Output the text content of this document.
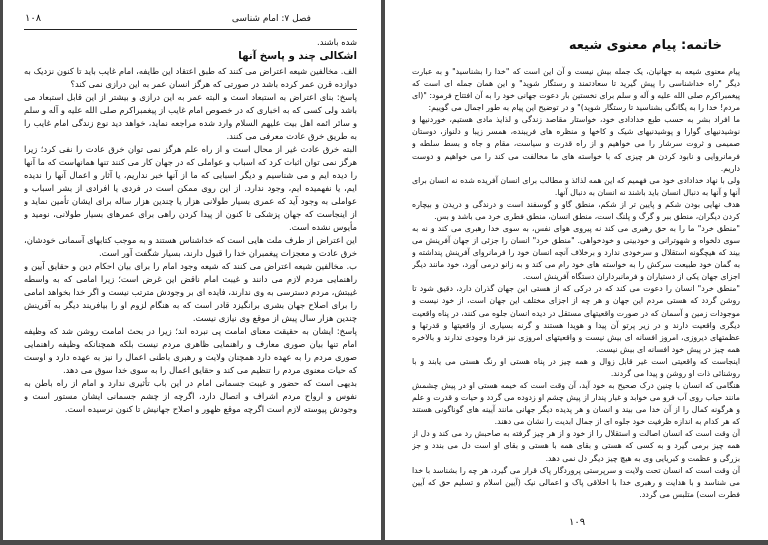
۱۰۸	فصل ۷: امام شناسی

شده باشند.

اشکالی چند و پاسخ آنها

الف. مخالفین شیعه اعتراض می کنند که طبق اعتقاد این طایفه، امام غایب باید تا کنون نزدیک به دوازده قرن عمر کرده باشد در صورتی که هرگز انسان عمر به این درازی نمی کند؟

پاسخ: بنای اعتراض به استبعاد است و البته عمر به این درازی و بیشتر از این قابل استبعاد می باشد ولی کسی که به اخباری که در خصوص امام غایب از پیغمبراکرم صلی الله علیه و آله و سلم و سائر ائمه اهل بیت علیهم السلام وارد شده مراجعه نماید، خواهد دید نوع زندگی امام غایب را به طریق خرق عادت معرفی می کنند.

البته خرق عادت غیر از محال است و از راه علم هرگز نمی توان خرق عادت را نفی کرد؛ زیرا هرگز نمی توان اثبات کرد که اسباب و عواملی که در جهان کار می کنند تنها همانهاست که ما آنها را دیده ایم و می شناسیم و دیگر اسبابی که ما از آنها خبر نداریم، یا آثار و اعمال آنها را ندیده ایم، یا نفهمیده ایم، وجود ندارد. از این روی ممکن است در فردی یا افرادی از بشر اسباب و عواملی به وجود آید که عمری بسیار طولانی هزار یا چندین هزار ساله برای ایشان تأمین نماید و از اینجاست که جهان پزشکی تا کنون از پیدا کردن راهی برای عمرهای بسیار طولانی، نومید و مأیوس نشده است.

این اعتراض از طرف ملت هایی است که خداشناس هستند و به موجب کتابهای آسمانی خودشان، خرق عادت و معجزات پیغمبران خدا را قبول دارند، بسیار شگفت آور است.

ب. مخالفین شیعه اعتراض می کنند که شیعه وجود امام را برای بیان احکام دین و حقایق آیین و راهنمایی مردم لازم می دانند و غیبت امام ناقض این غرض است؛ زیرا امامی که به واسطه غیبتش، مردم دسترسی به وی ندارند، فایده ای بر وجودش مترتب نیست و اگر خدا بخواهد امامی را برای اصلاح جهان بشری برانگیزد قادر است که به هنگام لزوم او را بیافریند دیگر به آفرینش چندین هزار سال پیش از موقع وی نیازی نیست.

پاسخ: ایشان به حقیقت معنای امامت پی نبرده اند؛ زیرا در بحث امامت روشن شد که وظیفه امام تنها بیان صوری معارف و راهنمایی ظاهری مردم نیست بلکه همچنانکه وظیفه راهنمایی صوری مردم را به عهده دارد همچنان ولایت و رهبری باطنی اعمال را نیز به عهده دارد و اوست که حیات معنوی مردم را تنظیم می کند و حقایق اعمال را به سوی خدا سوق می دهد.

بدیهی است که حضور و غیبت جسمانی امام در این باب تأثیری ندارد و امام از راه باطن به نفوس و ارواح مردم اشراف و اتصال دارد، اگرچه از چشم جسمانی ایشان مستور است و وجودش پیوسته لازم است اگرچه موقع ظهور و اصلاح جهانیش تا کنون نرسیده است.

خاتمه: پیام معنوی شیعه

پیام معنوی شیعه به جهانیان، یک جمله بیش نیست و آن این است که "خدا را بشناسید" و به عبارت دیگر "راه خداشناسی را پیش گیرید تا سعادتمند و رستگار شوید" و این همان جمله ای است که پیغمبراکرم صلی الله علیه و آله و سلم برای نخستین بار دعوت جهانی خود را به آن افتتاح فرمود: "(ای مردم! خدا را به یگانگی بشناسید تا رستگار شوید)" و در توضیح این پیام به طور اجمال می گوییم:

ما افراد بشر به حسب طبع خدادادی خود، خواستار مقاصد زندگی و لذایذ مادی هستیم، خوردنیها و نوشیدنیهای گوارا و پوشیدنیهای شیک و کاخها و منظره های فریبنده، همسر زیبا و دلنواز، دوستان صمیمی و ثروت سرشار را می خواهیم و از راه قدرت و سیاست، مقام و جاه و بسط سلطه و فرمانروایی و نابود کردن هر چیزی که با خواسته های ما مخالفت می کند را می خواهیم و دوست داریم.

ولی با نهاد خدادادی خود می فهمیم که این همه لذائذ و مطالب برای انسان آفریده شده نه انسان برای آنها و آنها به دنبال انسان باید باشند نه انسان به دنبال آنها.

هدف نهایی بودن شکم و پایین تر از شکم، منطق گاو و گوسفند است و درندگی و دریدن و بیچاره کردن دیگران، منطق ببر و گرگ و پلنگ است، منطق انسان، منطق فطری خرد می باشد و بس.

"منطق خرد" ما را به حق رهبری می کند نه پیروی هوای نفس، به سوی خدا رهبری می کند و نه به سوی دلخواه و شهوترانی و خودبینی و خودخواهی. "منطق خرد" انسان را جزئی از جهان آفرینش می بیند که هیچگونه استقلال و سرخودی ندارد و برخلاف آنچه انسان خود را فرمانروای آفرینش پنداشته و به گمان خود طبیعت سرکش را به خواسته های خود رام می کند و به زانو درمی آورد، خود مانند دیگر اجزای جهان یکی از دستیاران و فرمانبرداران دستگاه آفرینش است.

"منطق خرد" انسان را دعوت می کند که در درکی که از هستی این جهان گذران دارد، دقیق شود تا روشن گردد که هستی مردم این جهان و هر چه از اجزای مختلف این جهان است، از خود نیست و موجودات زمین و آسمان که در صورت واقعیتهای مستقل در دیده انسان جلوه می کنند، در پناه واقعیت دیگری واقعیت دارند و در زیر پرتو آن پیدا و هویدا هستند و گرنه بسیاری از واقعیتها و قدرتها و عظمتهای دیروزی، امروز افسانه ای بیش نیست و واقعیتهای امروزی نیز فردا وجودی ندارند و بالاخره همه چیز در پیش خود افسانه ای بیش نیست.

اینجاست که واقعیتی است غیر قابل زوال و همه چیز در پناه هستی او رنگ هستی می یابند و با روشنائی ذات او روشن و پیدا می گردند.

هنگامی که انسان با چنین درک صحیح به خود آید، آن وقت است که خیمه هستی او در پیش چشمش مانند حباب روی آب فرو می خوابد و غبار پندار از پیش چشم او زدوده می گردد و حیات و قدرت و علم و هرگونه کمال را از آن خدا می بیند و انسان و هر پدیده دیگر جهانی مانند آیینه های گوناگونی هستند که هر کدام به اندازه ظرفیت خود جلوه ای از جمال ابدیت را نشان می دهند.

آن وقت است که انسان اصالت و استقلال را از خود و از هر چیز گرفته به صاحبش رد می کند و دل از همه چیز برمی گیرد و به کسی که هستی و بقای همه با هستی و بقای او است دل می بندد و جز بزرگی و عظمت و کبریایی وی به هیچ چیز دیگر دل نمی دهد.

آن وقت است که انسان تحت ولایت و سرپرستی پروردگار پاک قرار می گیرد، هر چه را بشناسد با خدا می شناسد و با هدایت و رهبری خدا با اخلاقی پاک و اعمالی نیک (آیین اسلام و تسلیم حق که آیین فطرت است) متلبس می گردد.

۱۰۹
